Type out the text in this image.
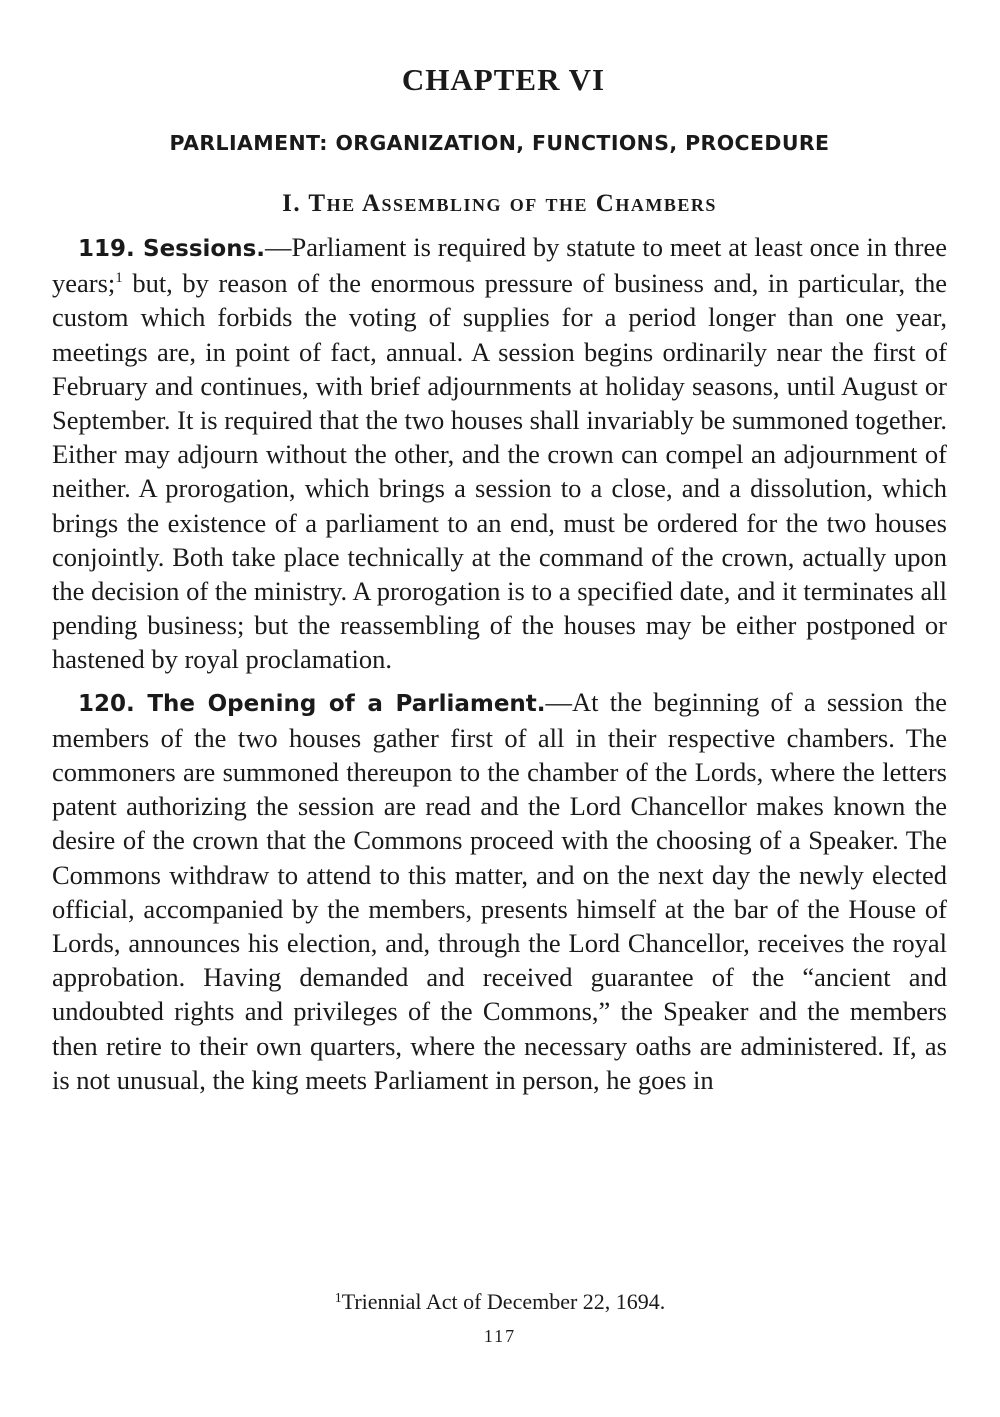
CHAPTER VI
PARLIAMENT: ORGANIZATION, FUNCTIONS, PROCEDURE
I. The Assembling of the Chambers

119. Sessions.—Parliament is required by statute to meet at least once in three years;$^1$ but, by reason of the enormous pressure of business and, in particular, the custom which forbids the voting of supplies for a period longer than one year, meetings are, in point of fact, annual. A session begins ordinarily near the first of February and continues, with brief adjournments at holiday seasons, until August or September. It is required that the two houses shall invariably be summoned together. Either may adjourn without the other, and the crown can compel an adjournment of neither. A prorogation, which brings a session to a close, and a dissolution, which brings the existence of a parliament to an end, must be ordered for the two houses conjointly. Both take place technically at the command of the crown, actually upon the decision of the ministry. A prorogation is to a specified date, and it terminates all pending business; but the reassembling of the houses may be either postponed or hastened by royal proclamation.

120. The Opening of a Parliament.—At the beginning of a session the members of the two houses gather first of all in their respective chambers. The commoners are summoned thereupon to the chamber of the Lords, where the letters patent authorizing the session are read and the Lord Chancellor makes known the desire of the crown that the Commons proceed with the choosing of a Speaker. The Commons withdraw to attend to this matter, and on the next day the newly elected official, accompanied by the members, presents himself at the bar of the House of Lords, announces his election, and, through the Lord Chancellor, receives the royal approbation. Having demanded and received guarantee of the “ancient and undoubted rights and privileges of the Commons,” the Speaker and the members then retire to their own quarters, where the necessary oaths are administered. If, as is not unusual, the king meets Parliament in person, he goes in

$^1$Triennial Act of December 22, 1694.
117
